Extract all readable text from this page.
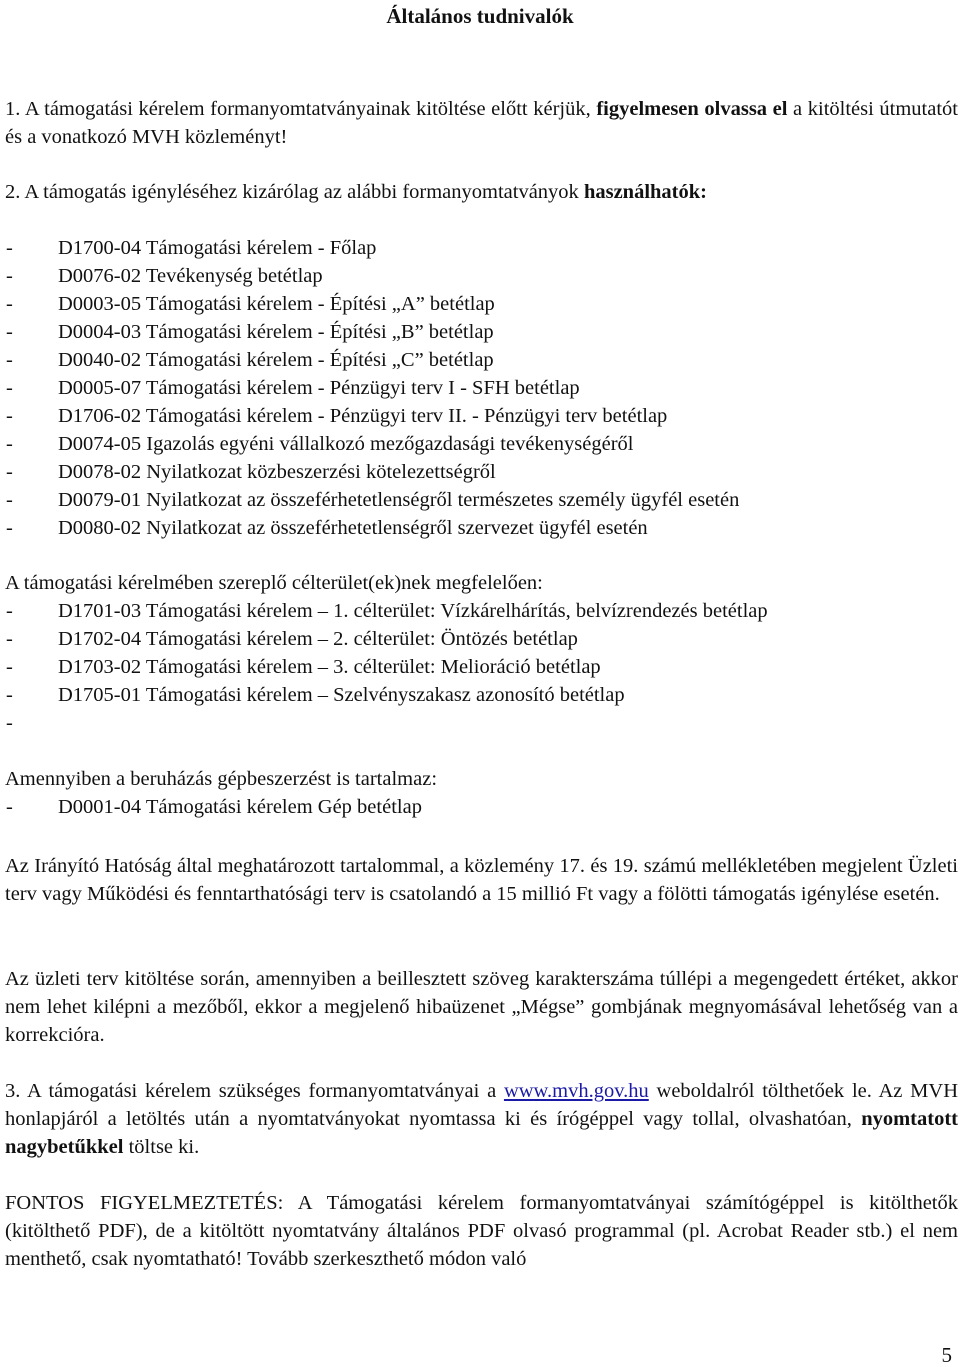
Általános tudnivalók
1. A támogatási kérelem formanyomtatványainak kitöltése előtt kérjük, figyelmesen olvassa el a kitöltési útmutatót és a vonatkozó MVH közleményt!
2. A támogatás igényléséhez kizárólag az alábbi formanyomtatványok használhatók:
- D1700-04 Támogatási kérelem - Főlap
- D0076-02 Tevékenység betétlap
- D0003-05 Támogatási kérelem - Építési „A” betétlap
- D0004-03 Támogatási kérelem - Építési „B” betétlap
- D0040-02 Támogatási kérelem - Építési „C” betétlap
- D0005-07 Támogatási kérelem - Pénzügyi terv I - SFH betétlap
- D1706-02 Támogatási kérelem - Pénzügyi terv II. - Pénzügyi terv betétlap
- D0074-05 Igazolás egyéni vállalkozó mezőgazdasági tevékenységéről
- D0078-02 Nyilatkozat közbeszerzési kötelezettségről
- D0079-01 Nyilatkozat az összeférhetetlenségről természetes személy ügyfél esetén
- D0080-02 Nyilatkozat az összeférhetetlenségről szervezet ügyfél esetén
A támogatási kérelmében szereplő célterület(ek)nek megfelelően:
- D1701-03 Támogatási kérelem – 1. célterület: Vízkárelhárítás, belvízrendezés betétlap
- D1702-04 Támogatási kérelem – 2. célterület: Öntözés betétlap
- D1703-02 Támogatási kérelem – 3. célterület: Melioráció betétlap
- D1705-01 Támogatási kérelem – Szelvényszakasz azonosító betétlap
-
Amennyiben a beruházás gépbeszerzést is tartalmaz:
- D0001-04 Támogatási kérelem Gép betétlap
Az Irányító Hatóság által meghatározott tartalommal, a közlemény 17. és 19. számú mellékletében megjelent Üzleti terv vagy Működési és fenntarthatósági terv is csatolandó a 15 millió Ft vagy a fölötti támogatás igénylése esetén.
Az üzleti terv kitöltése során, amennyiben a beillesztett szöveg karakterszáma túllépi a megengedett értéket, akkor nem lehet kilépni a mezőből, ekkor a megjelenő hibaüzenet „Mégse” gombjának megnyomásával lehetőség van a korrekcióra.
3. A támogatási kérelem szükséges formanyomtatványai a www.mvh.gov.hu weboldalról tölthetőek le. Az MVH honlapjáról a letöltés után a nyomtatványokat nyomtassa ki és írógéppel vagy tollal, olvashatóan, nyomtatott nagybetűkkel töltse ki.
FONTOS FIGYELMEZTETÉS: A Támogatási kérelem formanyomtatványai számítógéppel is kitölthetők (kitölthető PDF), de a kitöltött nyomtatvány általános PDF olvasó programmal (pl. Acrobat Reader stb.) el nem menthető, csak nyomtatható! Tovább szerkeszthető módon való
5
